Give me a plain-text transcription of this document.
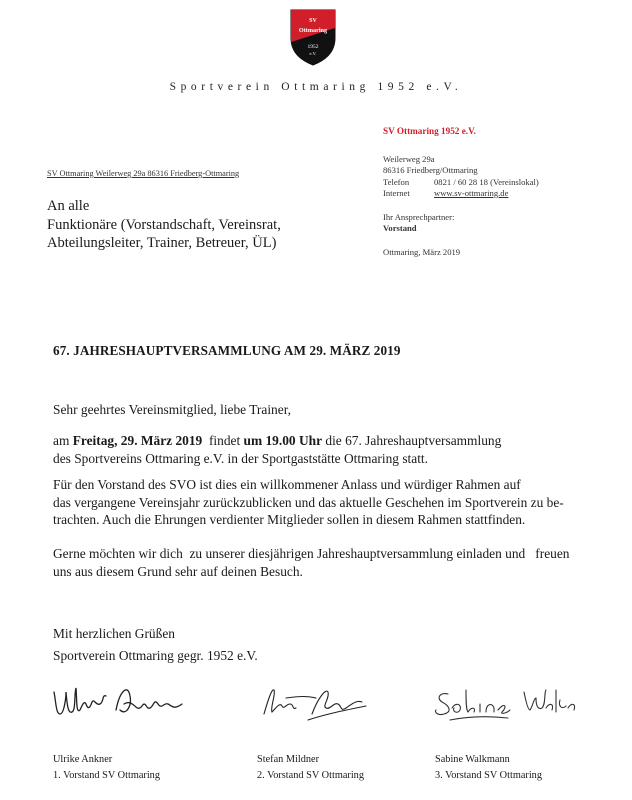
SV
Ottmaring
1952
e.V.
Sportverein Ottmaring 1952 e.V.
SV Ottmaring 1952 e.V.
Weilerweg 29a
86316 Friedberg/Ottmaring
Telefon	0821 / 60 28 18 (Vereinslokal)
Internet	www.sv-ottmaring.de
Ihr Ansprechpartner:
Vorstand
Ottmaring, März 2019
SV Ottmaring Weilerweg 29a 86316 Friedberg-Ottmaring
An alle
Funktionäre (Vorstandschaft, Vereinsrat,
Abteilungsleiter, Trainer, Betreuer, ÜL)
67. JAHRESHAUPTVERSAMMLUNG AM 29. MÄRZ 2019
Sehr geehrtes Vereinsmitglied, liebe Trainer,
am Freitag, 29. März 2019  findet um 19.00 Uhr die 67. Jahreshauptversammlung
des Sportvereins Ottmaring e.V. in der Sportgaststätte Ottmaring statt.
Für den Vorstand des SVO ist dies ein willkommener Anlass und würdiger Rahmen auf
das vergangene Vereinsjahr zurückzublicken und das aktuelle Geschehen im Sportverein zu be-
trachten. Auch die Ehrungen verdienter Mitglieder sollen in diesem Rahmen stattfinden.
Gerne möchten wir dich  zu unserer diesjährigen Jahreshauptversammlung einladen und   freuen
uns aus diesem Grund sehr auf deinen Besuch.
Mit herzlichen Grüßen
Sportverein Ottmaring gegr. 1952 e.V.
Ulrike Ankner
1. Vorstand SV Ottmaring
Stefan Mildner
2. Vorstand SV Ottmaring
Sabine Walkmann
3. Vorstand SV Ottmaring
